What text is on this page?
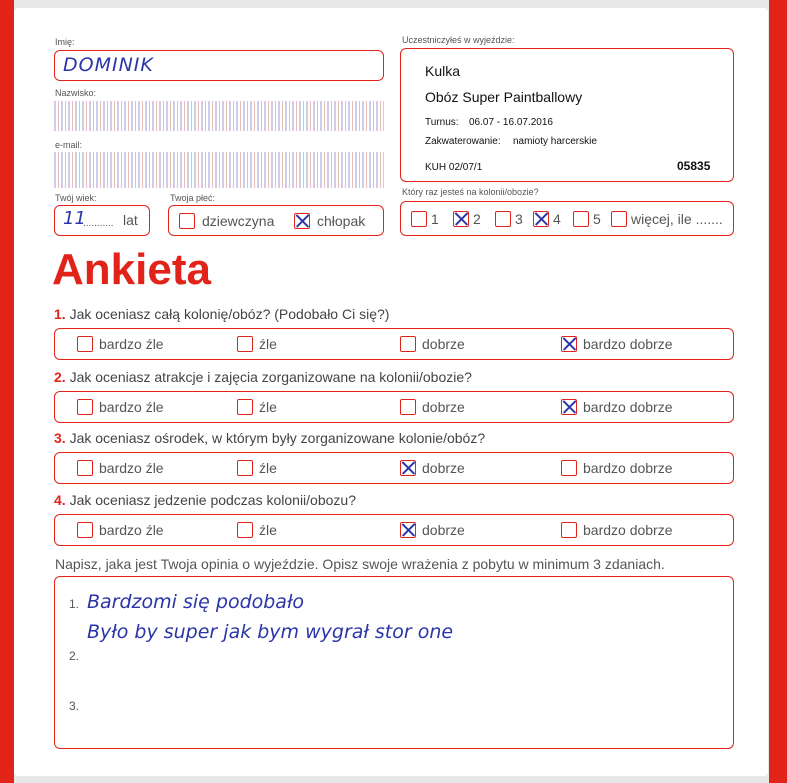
Imię:
DOMINIK
Nazwisko:
e-mail:
Twój wiek:
11
........... lat
Twoja płeć:
dziewczyna	chłopak
Uczestniczyłeś w wyjeździe:
Kulka
Obóz Super Paintballowy
Turnus: 06.07 - 16.07.2016
Zakwaterowanie: namioty harcerskie
KUH 02/07/1	05835
Który raz jesteś na kolonii/obozie?
1 2 3 4 5 więcej, ile .......
Ankieta
1. Jak oceniasz całą kolonię/obóz? (Podobało Ci się?)
bardzo źle	źle	dobrze	bardzo dobrze
2. Jak oceniasz atrakcje i zajęcia zorganizowane na kolonii/obozie?
bardzo źle	źle	dobrze	bardzo dobrze
3. Jak oceniasz ośrodek, w którym były zorganizowane kolonie/obóz?
bardzo źle	źle	dobrze	bardzo dobrze
4. Jak oceniasz jedzenie podczas kolonii/obozu?
bardzo źle	źle	dobrze	bardzo dobrze
Napisz, jaka jest Twoja opinia o wyjeździe. Opisz swoje wrażenia z pobytu w minimum 3 zdaniach.
1. Bardzomi się podobało
2.
Było by super jak bym wygrał stor one
3.
